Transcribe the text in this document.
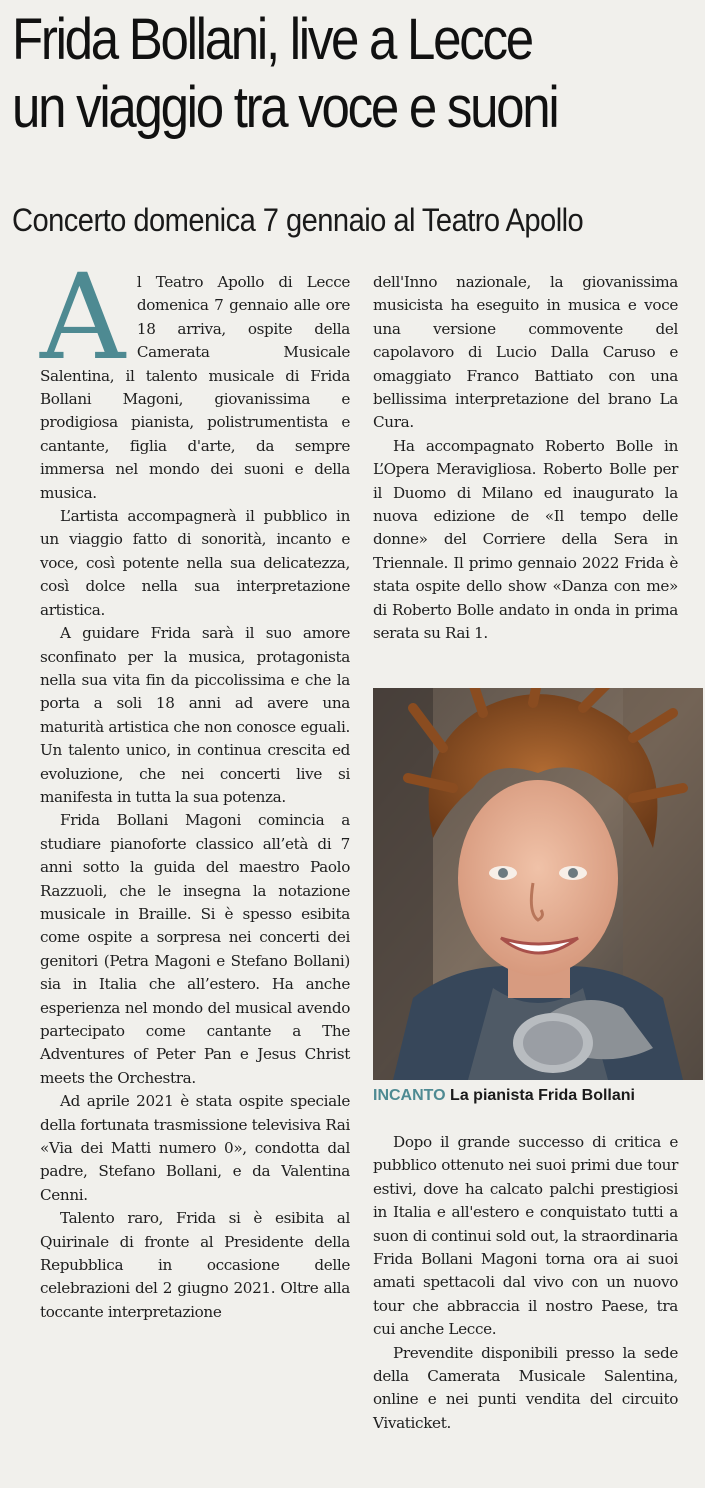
Frida Bollani, live a Lecce
un viaggio tra voce e suoni
Concerto domenica 7 gennaio al Teatro Apollo
A l Teatro Apollo di Lecce domenica 7 gennaio alle ore 18 arriva, ospite della Camerata Musicale Salentina, il talento musicale di Frida Bollani Magoni, giovanissima e prodigiosa pianista, polistrumentista e cantante, figlia d'arte, da sempre immersa nel mondo dei suoni e della musica.

L’artista accompagnerà il pubblico in un viaggio fatto di sonorità, incanto e voce, così potente nella sua delicatezza, così dolce nella sua interpretazione artistica.

A guidare Frida sarà il suo amore sconfinato per la musica, protagonista nella sua vita fin da piccolissima e che la porta a soli 18 anni ad avere una maturità artistica che non conosce eguali. Un talento unico, in continua crescita ed evoluzione, che nei concerti live si manifesta in tutta la sua potenza.

Frida Bollani Magoni comincia a studiare pianoforte classico all’età di 7 anni sotto la guida del maestro Paolo Razzuoli, che le insegna la notazione musicale in Braille. Si è spesso esibita come ospite a sorpresa nei concerti dei genitori (Petra Magoni e Stefano Bollani) sia in Italia che all’estero. Ha anche esperienza nel mondo del musical avendo partecipato come cantante a The Adventures of Peter Pan e Jesus Christ meets the Orchestra.

Ad aprile 2021 è stata ospite speciale della fortunata trasmissione televisiva Rai «Via dei Matti numero 0», condotta dal padre, Stefano Bollani, e da Valentina Cenni.

Talento raro, Frida si è esibita al Quirinale di fronte al Presidente della Repubblica in occasione delle celebrazioni del 2 giugno 2021. Oltre alla toccante interpretazione

dell'Inno nazionale, la giovanissima musicista ha eseguito in musica e voce una versione commovente del capolavoro di Lucio Dalla Caruso e omaggiato Franco Battiato con una bellissima interpretazione del brano La Cura.

Ha accompagnato Roberto Bolle in L’Opera Meravigliosa. Roberto Bolle per il Duomo di Milano ed inaugurato la nuova edizione de «Il tempo delle donne» del Corriere della Sera in Triennale. Il primo gennaio 2022 Frida è stata ospite dello show «Danza con me» di Roberto Bolle andato in onda in prima serata su Rai 1.

INCANTO La pianista Frida Bollani

Dopo il grande successo di critica e pubblico ottenuto nei suoi primi due tour estivi, dove ha calcato palchi prestigiosi in Italia e all'estero e conquistato tutti a suon di continui sold out, la straordinaria Frida Bollani Magoni torna ora ai suoi amati spettacoli dal vivo con un nuovo tour che abbraccia il nostro Paese, tra cui anche Lecce.

Prevendite disponibili presso la sede della Camerata Musicale Salentina, online e nei punti vendita del circuito Vivaticket.
